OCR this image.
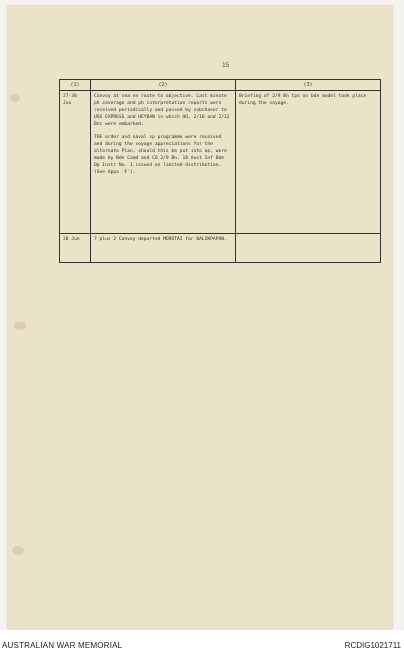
15
(1)	(2)	(3)
27-30 Jun	Convoy at sea en route to objective. Last minute ph coverage and ph interpretation reports were received periodically and passed by subchaser to USS EXPRESS and HEYBAN in which HQ, 2/10 and 2/12 Bns were embarked.

THE order and naval sp programme were received and during the voyage appreciations for the alternate Plan, should this be put into op, were made by Bde Comd and CO 2/9 Bn. 18 Aust Inf Bde Op Instr No. 1 issued on limited distribution. (See Appx 'F').	Briefing of 2/9 Bn tps on bde model took place during the voyage.
28 Jun	7 plus 2 Convoy departed MOROTAI for BALIKPAPAN.	

AUSTRALIAN WAR MEMORIAL	RCDIG1021711
